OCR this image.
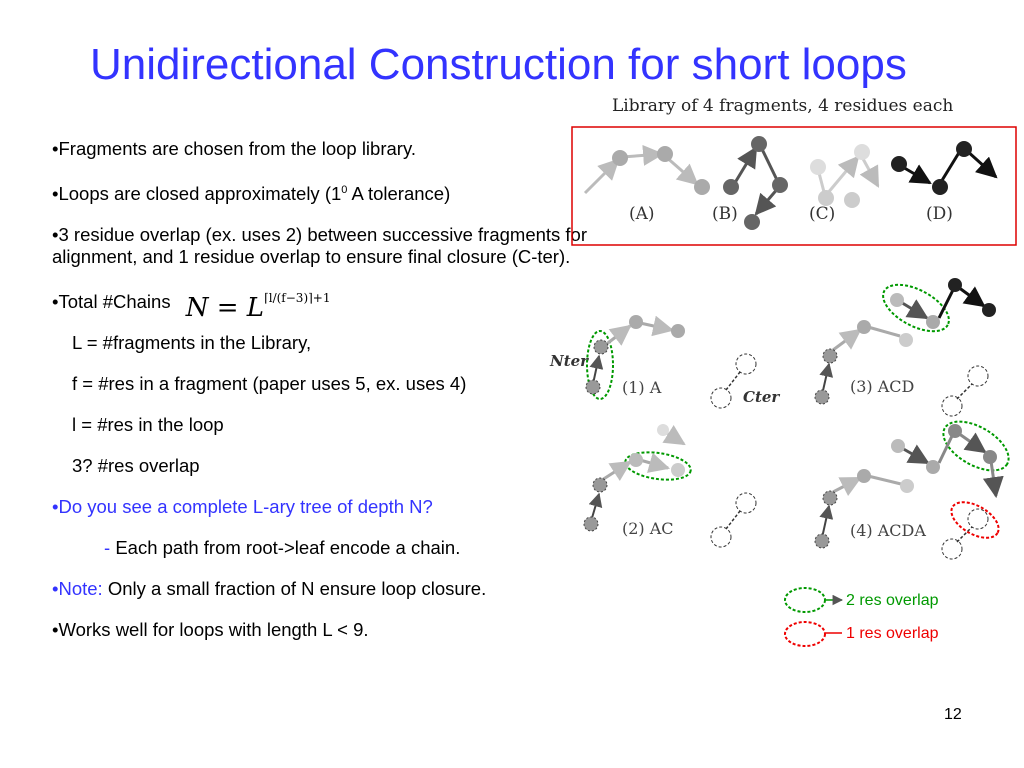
Unidirectional Construction for short loops
•Fragments are chosen from the loop library.
•Loops are closed approximately ($1^0$ A tolerance)
•3 residue overlap (ex. uses 2) between successive fragments for alignment, and 1 residue overlap to ensure final closure (C-ter).
•Total #Chains $N = L^{⌈l/(f-3)⌉+1}$
L = #fragments in the Library,
f = #res in a fragment (paper uses 5, ex. uses 4)
l = #res in the loop
3? #res overlap
•Do you see a complete L-ary tree of depth N?
- Each path from root->leaf encode a chain.
•Note: Only a small fraction of N ensure loop closure.
•Works well for loops with length L < 9.
Library of 4 fragments, 4 residues each
(A)	(B)	(C)	(D)
Nter
Cter
(1) A
(2) AC
(3) ACD
(4) ACDA
2 res overlap
1 res overlap
12
